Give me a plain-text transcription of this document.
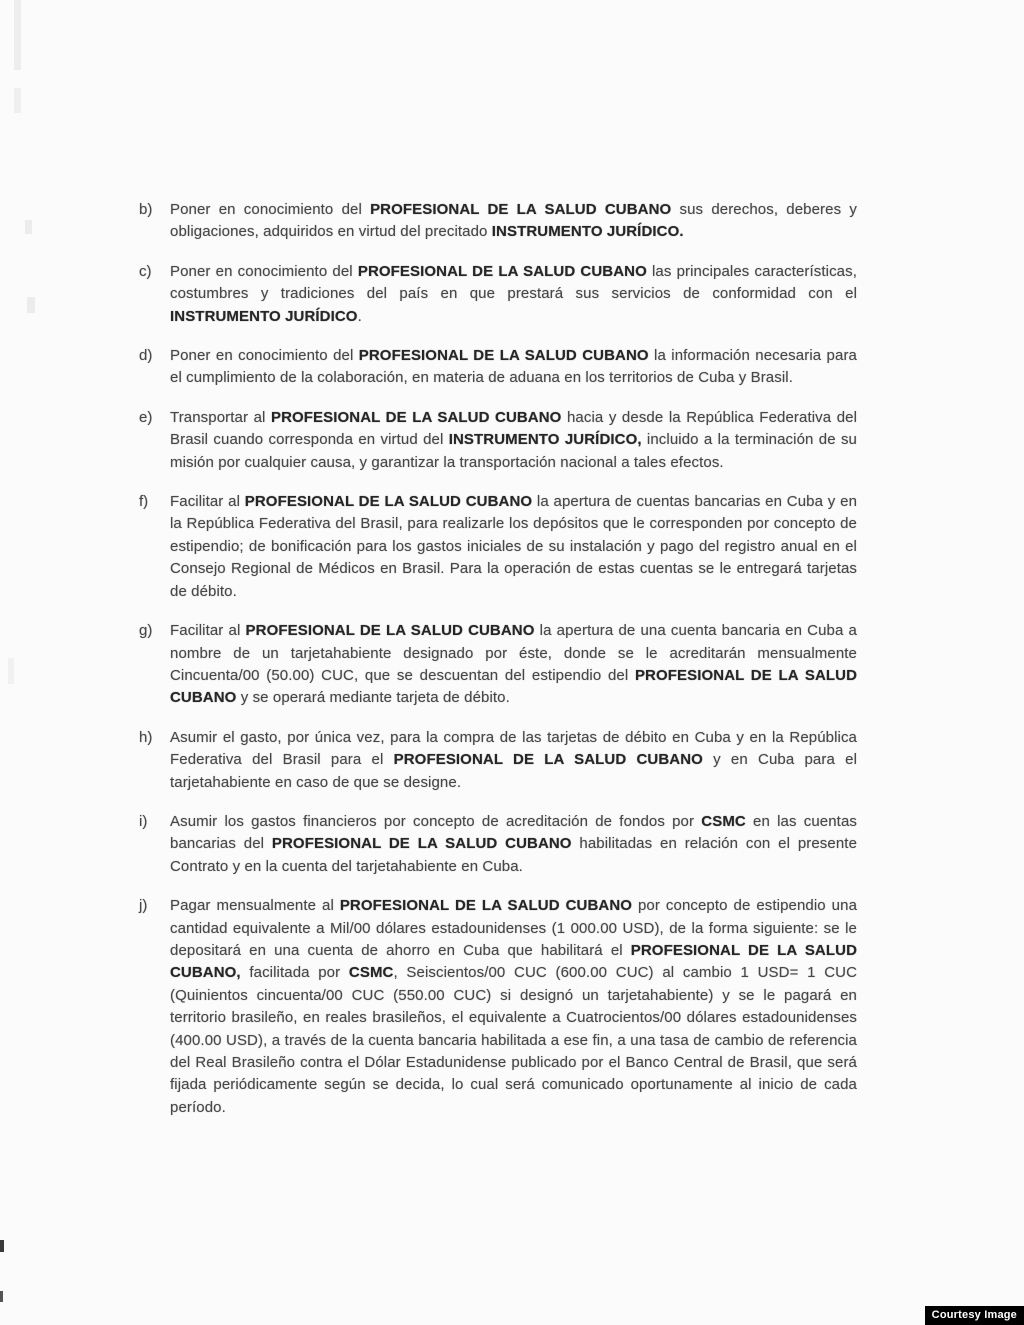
b)	Poner en conocimiento del PROFESIONAL DE LA SALUD CUBANO sus derechos, deberes y obligaciones, adquiridos en virtud del precitado INSTRUMENTO JURÍDICO.

c)	Poner en conocimiento del PROFESIONAL DE LA SALUD CUBANO las principales características, costumbres y tradiciones del país en que prestará sus servicios de conformidad con el INSTRUMENTO JURÍDICO.

d)	Poner en conocimiento del PROFESIONAL DE LA SALUD CUBANO la información necesaria para el cumplimiento de la colaboración, en materia de aduana en los territorios de Cuba y Brasil.

e)	Transportar al PROFESIONAL DE LA SALUD CUBANO hacia y desde la República Federativa del Brasil cuando corresponda en virtud del INSTRUMENTO JURÍDICO, incluido a la terminación de su misión por cualquier causa, y garantizar la transportación nacional a tales efectos.

f)	Facilitar al PROFESIONAL DE LA SALUD CUBANO la apertura de cuentas bancarias en Cuba y en la República Federativa del Brasil, para realizarle los depósitos que le corresponden por concepto de estipendio; de bonificación para los gastos iniciales de su instalación y pago del registro anual en el Consejo Regional de Médicos en Brasil. Para la operación de estas cuentas se le entregará tarjetas de débito.

g)	Facilitar al PROFESIONAL DE LA SALUD CUBANO la apertura de una cuenta bancaria en Cuba a nombre de un tarjetahabiente designado por éste, donde se le acreditarán mensualmente Cincuenta/00 (50.00) CUC, que se descuentan del estipendio del PROFESIONAL DE LA SALUD CUBANO y se operará mediante tarjeta de débito.

h)	Asumir el gasto, por única vez, para la compra de las tarjetas de débito en Cuba y en la República Federativa del Brasil para el PROFESIONAL DE LA SALUD CUBANO y en Cuba para el tarjetahabiente en caso de que se designe.

i)	Asumir los gastos financieros por concepto de acreditación de fondos por CSMC en las cuentas bancarias del PROFESIONAL DE LA SALUD CUBANO habilitadas en relación con el presente Contrato y en la cuenta del tarjetahabiente en Cuba.

j)	Pagar mensualmente al PROFESIONAL DE LA SALUD CUBANO por concepto de estipendio una cantidad equivalente a Mil/00 dólares estadounidenses (1 000.00 USD), de la forma siguiente: se le depositará en una cuenta de ahorro en Cuba que habilitará el PROFESIONAL DE LA SALUD CUBANO, facilitada por CSMC, Seiscientos/00 CUC (600.00 CUC) al cambio 1 USD= 1 CUC (Quinientos cincuenta/00 CUC (550.00 CUC) si designó un tarjetahabiente) y se le pagará en territorio brasileño, en reales brasileños, el equivalente a Cuatrocientos/00 dólares estadounidenses (400.00 USD), a través de la cuenta bancaria habilitada a ese fin, a una tasa de cambio de referencia del Real Brasileño contra el Dólar Estadunidense publicado por el Banco Central de Brasil, que será fijada periódicamente según se decida, lo cual será comunicado oportunamente al inicio de cada período.

Courtesy Image
